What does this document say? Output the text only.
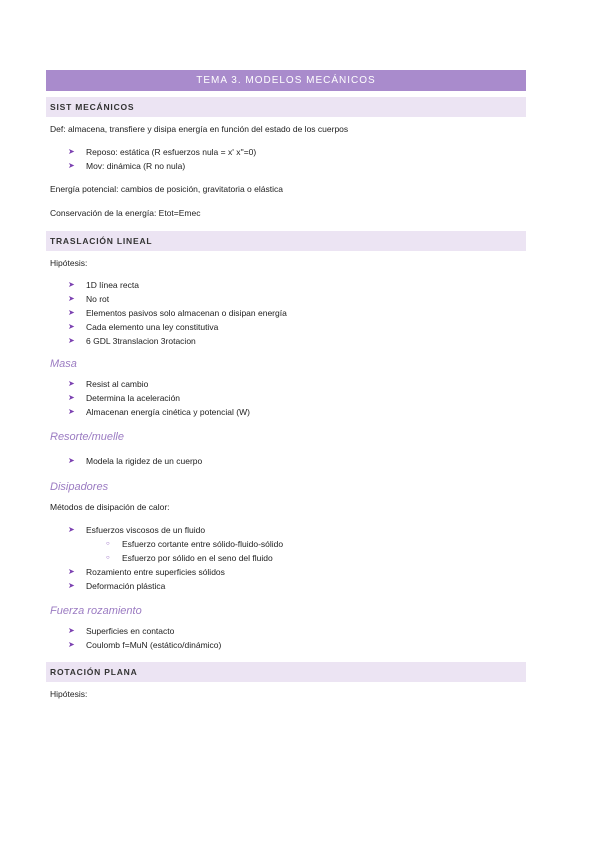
TEMA 3. MODELOS MECÁNICOS
SIST MECÁNICOS
Def: almacena, transfiere y disipa energía en función del estado de los cuerpos
➤ Reposo: estática (R esfuerzos nula = x' x''=0)
➤ Mov: dinámica (R no nula)
Energía potencial: cambios de posición, gravitatoria o elástica
Conservación de la energía: Etot=Emec
TRASLACIÓN LINEAL
Hipótesis:
➤ 1D línea recta
➤ No rot
➤ Elementos pasivos solo almacenan o disipan energía
➤ Cada elemento una ley constitutiva
➤ 6 GDL 3translacion 3rotacion
Masa
➤ Resist al cambio
➤ Determina la aceleración
➤ Almacenan energía cinética y potencial (W)
Resorte/muelle
➤ Modela la rigidez de un cuerpo
Disipadores
Métodos de disipación de calor:
➤ Esfuerzos viscosos de un fluido
○ Esfuerzo cortante entre sólido-fluido-sólido
○ Esfuerzo por sólido en el seno del fluido
➤ Rozamiento entre superficies sólidos
➤ Deformación plástica
Fuerza rozamiento
➤ Superficies en contacto
➤ Coulomb f=MuN (estático/dinámico)
ROTACIÓN PLANA
Hipótesis:
